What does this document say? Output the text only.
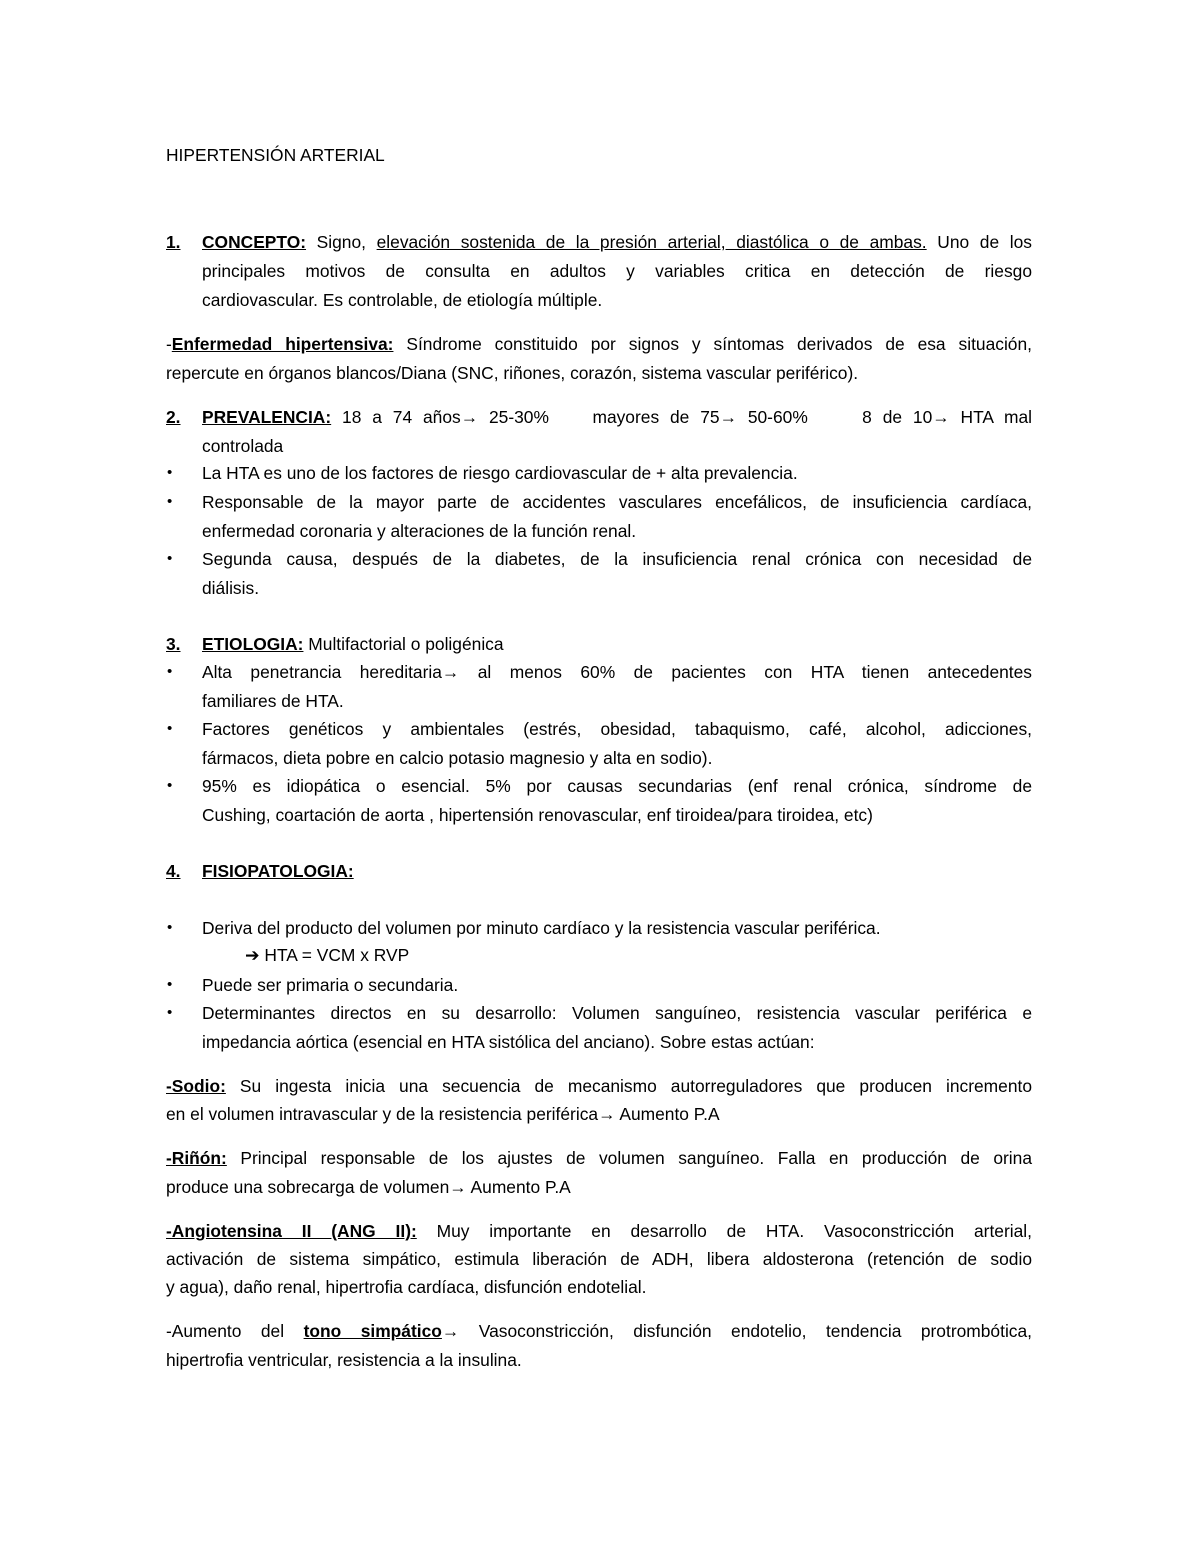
HIPERTENSIÓN ARTERIAL
1. CONCEPTO: Signo, elevación sostenida de la presión arterial, diastólica o de ambas. Uno de los
principales motivos de consulta en adultos y variables critica en detección de riesgo
cardiovascular. Es controlable, de etiología múltiple.
-Enfermedad hipertensiva: Síndrome constituido por signos y síntomas derivados de esa situación,
repercute en órganos blancos/Diana (SNC, riñones, corazón, sistema vascular periférico).
2. PREVALENCIA: 18 a 74 años→ 25-30%	mayores de 75→ 50-60%	8 de 10→ HTA mal
controlada
• La HTA es uno de los factores de riesgo cardiovascular de + alta prevalencia.
• Responsable de la mayor parte de accidentes vasculares encefálicos, de insuficiencia cardíaca,
enfermedad coronaria y alteraciones de la función renal.
• Segunda causa, después de la diabetes, de la insuficiencia renal crónica con necesidad de
diálisis.
3. ETIOLOGIA: Multifactorial o poligénica
• Alta penetrancia hereditaria→ al menos 60% de pacientes con HTA tienen antecedentes
familiares de HTA.
• Factores genéticos y ambientales (estrés, obesidad, tabaquismo, café, alcohol, adicciones,
fármacos, dieta pobre en calcio potasio magnesio y alta en sodio).
• 95% es idiopática o esencial. 5% por causas secundarias (enf renal crónica, síndrome de
Cushing, coartación de aorta , hipertensión renovascular, enf tiroidea/para tiroidea, etc)
4. FISIOPATOLOGIA:
• Deriva del producto del volumen por minuto cardíaco y la resistencia vascular periférica.
➔ HTA = VCM x RVP
• Puede ser primaria o secundaria.
• Determinantes directos en su desarrollo: Volumen sanguíneo, resistencia vascular periférica e
impedancia aórtica (esencial en HTA sistólica del anciano). Sobre estas actúan:
-Sodio: Su ingesta inicia una secuencia de mecanismo autorreguladores que producen incremento
en el volumen intravascular y de la resistencia periférica→ Aumento P.A
-Riñón: Principal responsable de los ajustes de volumen sanguíneo. Falla en producción de orina
produce una sobrecarga de volumen→ Aumento P.A
-Angiotensina II (ANG II): Muy importante en desarrollo de HTA. Vasoconstricción arterial,
activación de sistema simpático, estimula liberación de ADH, libera aldosterona (retención de sodio
y agua), daño renal, hipertrofia cardíaca, disfunción endotelial.
-Aumento del tono simpático→ Vasoconstricción, disfunción endotelio, tendencia protrombótica,
hipertrofia ventricular, resistencia a la insulina.
